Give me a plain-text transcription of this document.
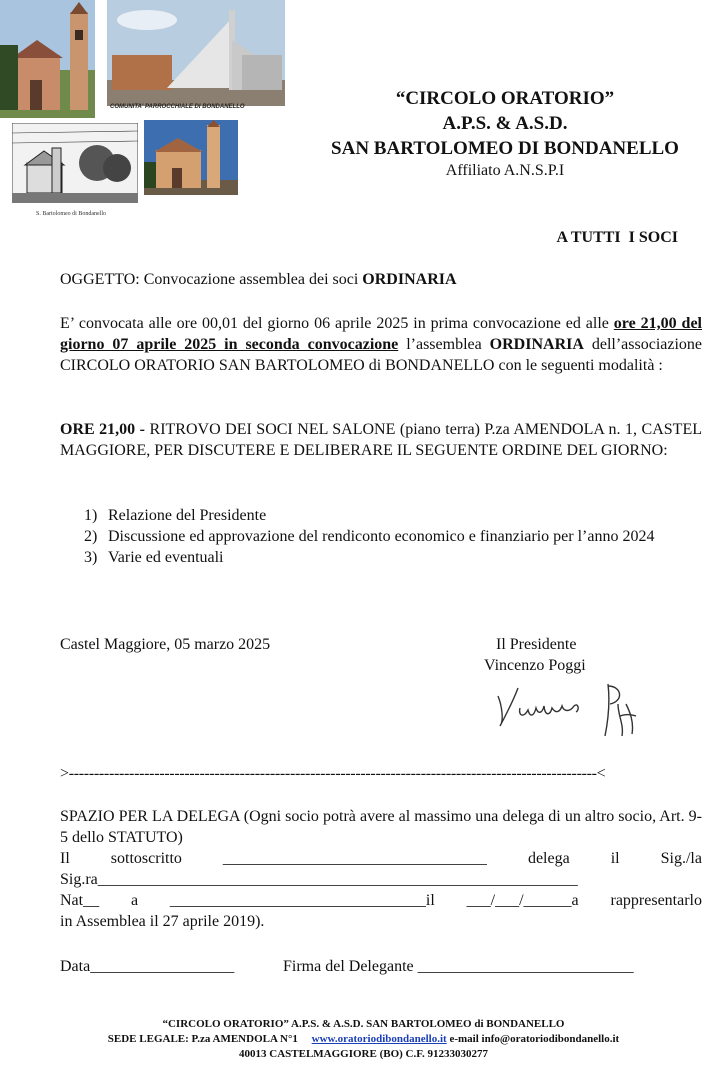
COMUNITA' PARROCCHIALE DI BONDANELLO
S. Bartolomeo di Bondanello
“CIRCOLO ORATORIO”
A.P.S. & A.S.D.
SAN BARTOLOMEO DI BONDANELLO
Affiliato A.N.S.P.I
A TUTTI  I SOCI
OGGETTO: Convocazione assemblea dei soci ORDINARIA
E’ convocata alle ore 00,01 del giorno 06 aprile 2025 in prima convocazione ed alle ore 21,00 del giorno 07 aprile 2025 in seconda convocazione l’assemblea ORDINARIA dell’associazione CIRCOLO ORATORIO SAN BARTOLOMEO di BONDANELLO con le seguenti modalità :
ORE 21,00 - RITROVO DEI SOCI NEL SALONE (piano terra) P.za AMENDOLA n. 1, CASTEL MAGGIORE, PER DISCUTERE E DELIBERARE IL SEGUENTE ORDINE DEL GIORNO:
1) Relazione del Presidente
2) Discussione ed approvazione del rendiconto economico e finanziario per l’anno 2024
3) Varie ed eventuali
Castel Maggiore, 05 marzo 2025	Il Presidente
Vincenzo Poggi
>---------------------------------------------------------------------------------------------------------<
SPAZIO PER LA DELEGA (Ogni socio potrà avere al massimo una delega di un altro socio, Art. 9-5 dello STATUTO)
Il	sottoscritto	_________________________________	delega	il	Sig./la
Sig.ra____________________________________________________________
Nat__ a ________________________________il ___/___/______a rappresentarlo
in Assemblea il 27 aprile 2019).
Data__________________	Firma del Delegante ___________________________
“CIRCOLO ORATORIO” A.P.S. & A.S.D. SAN BARTOLOMEO di BONDANELLO
SEDE LEGALE: P.za AMENDOLA N°1 www.oratoriodibondanello.it e-mail info@oratoriodibondanello.it
40013 CASTELMAGGIORE (BO) C.F. 91233030277
